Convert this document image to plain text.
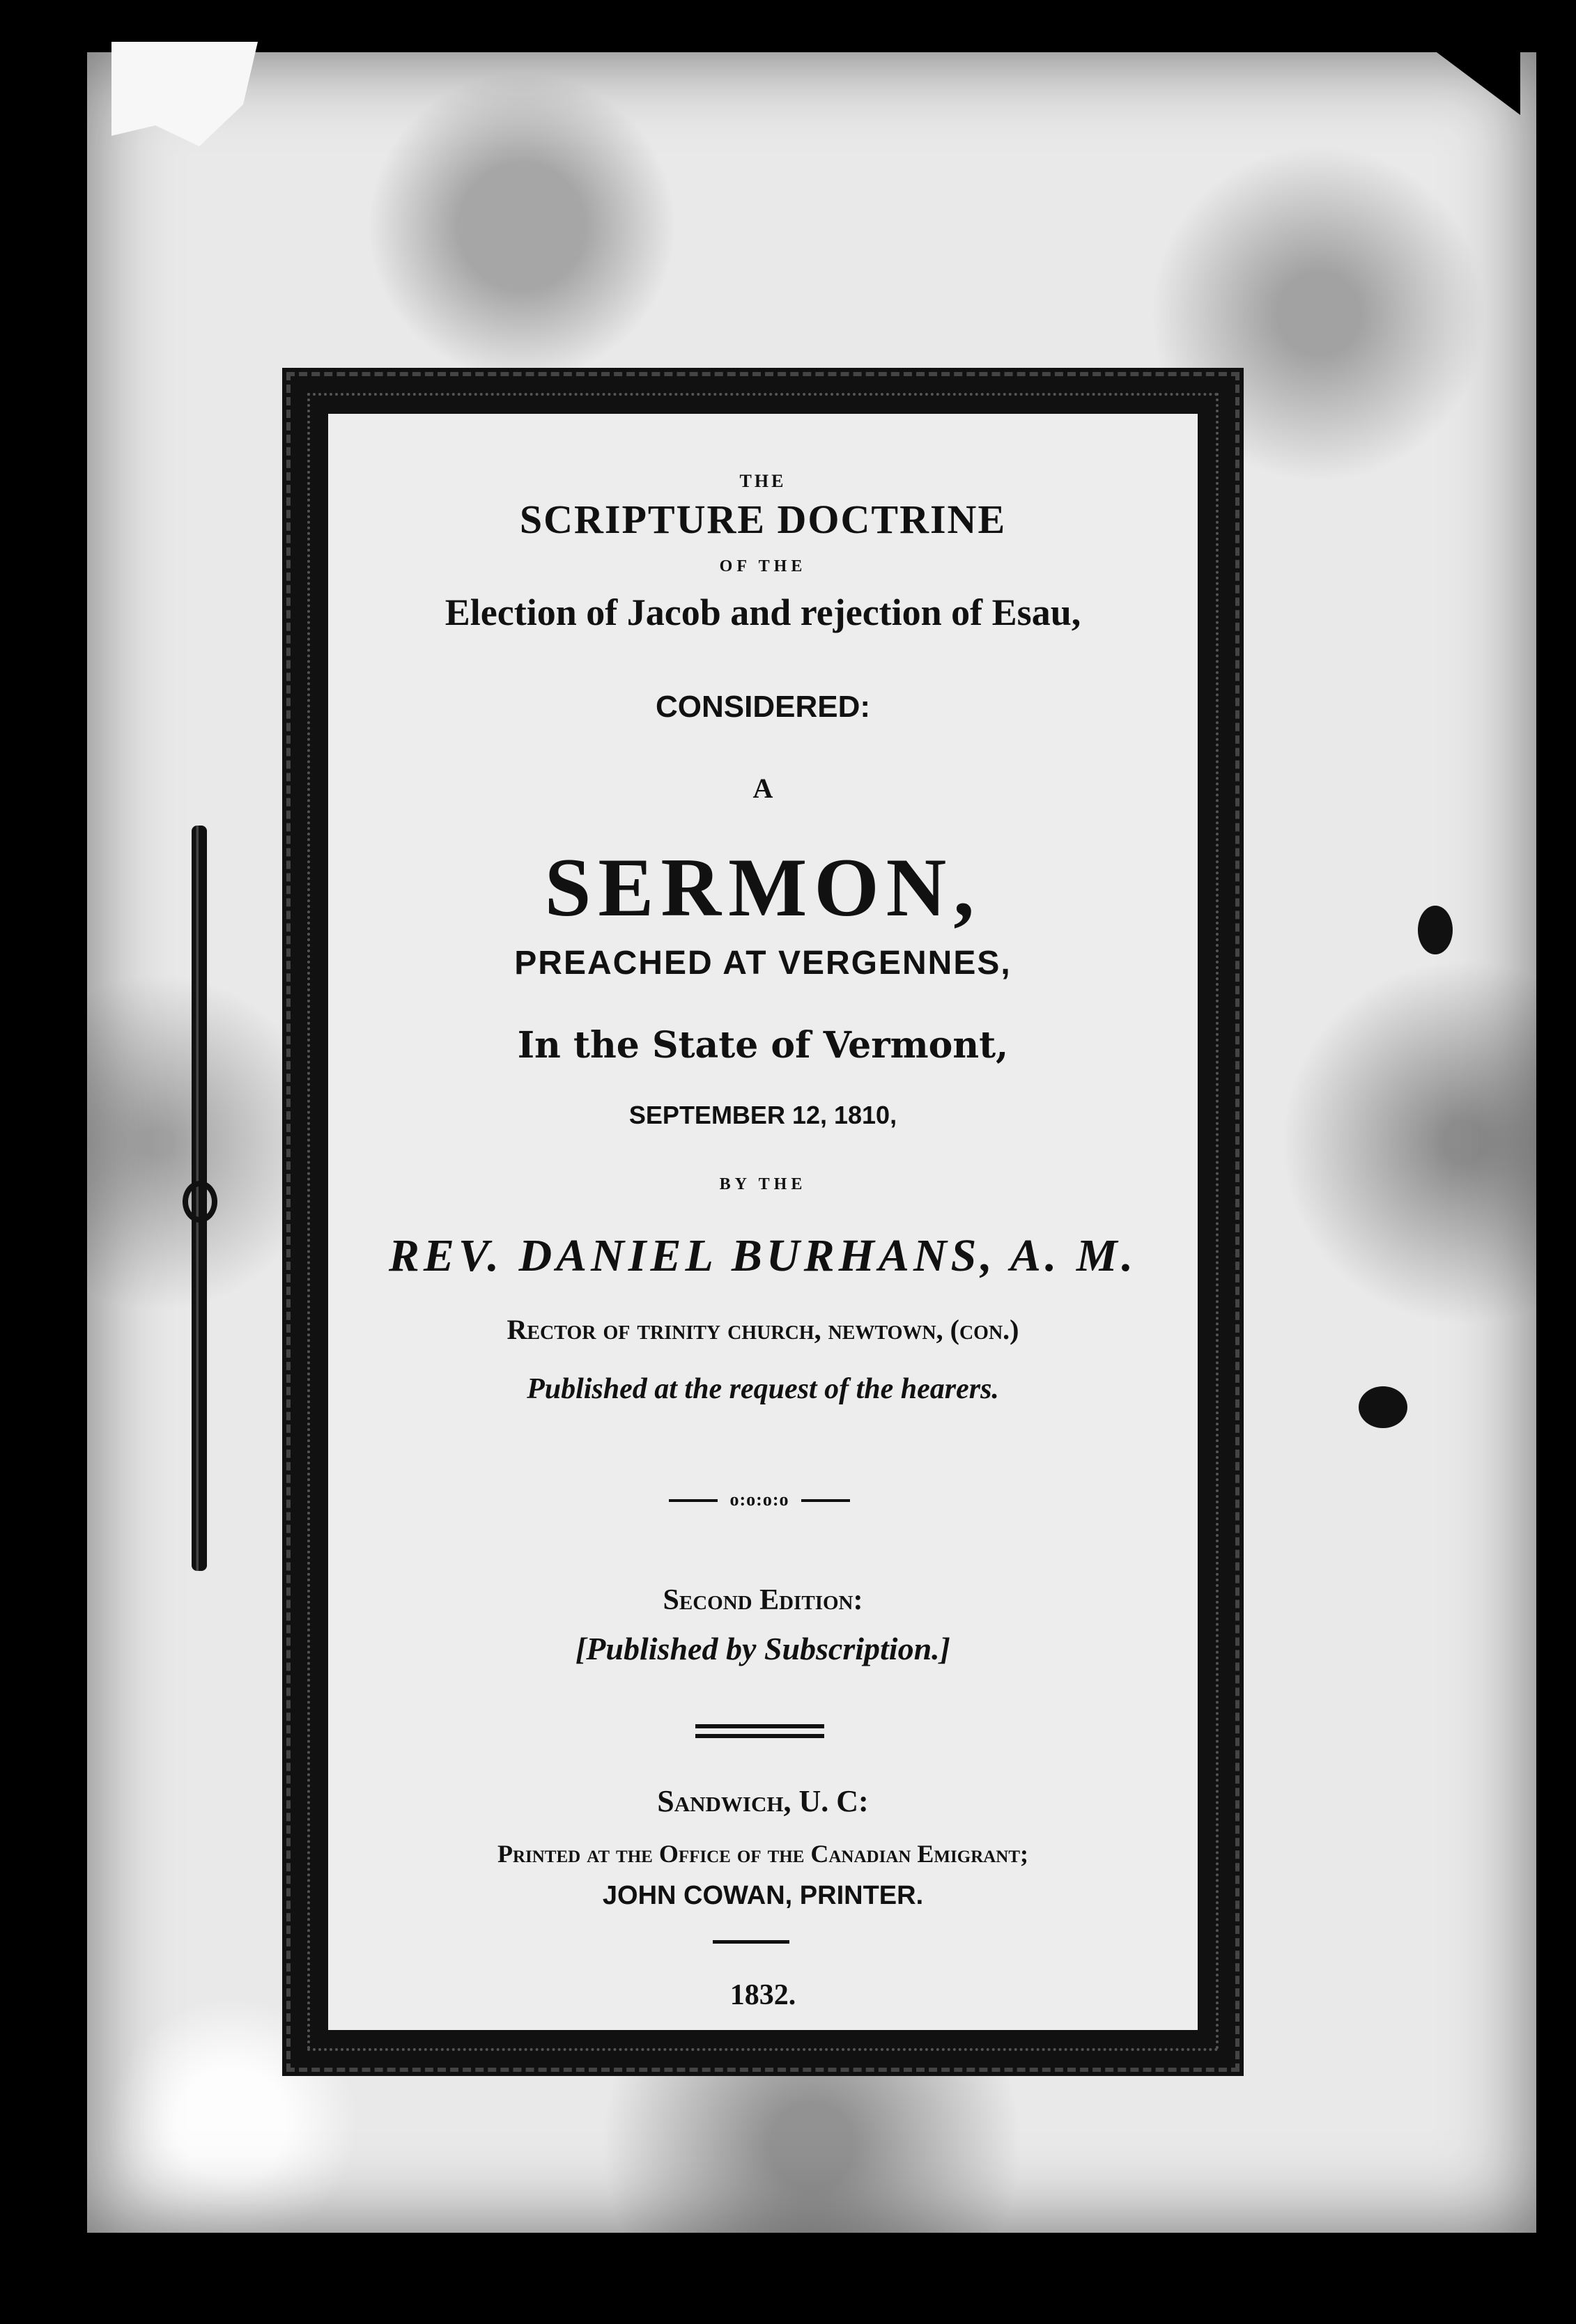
THE
SCRIPTURE DOCTRINE
OF THE
Election of Jacob and rejection of Esau,
CONSIDERED:
A
SERMON,
PREACHED AT VERGENNES,
In the State of Vermont,
SEPTEMBER 12, 1810,
BY THE
REV. DANIEL BURHANS, A. M.
Rector of trinity church, newtown, (con.)
Published at the request of the hearers.
o:o:o:o
Second Edition:
[Published by Subscription.]
Sandwich, U. C:
Printed at the Office of the Canadian Emigrant;
JOHN COWAN, PRINTER.
1832.
